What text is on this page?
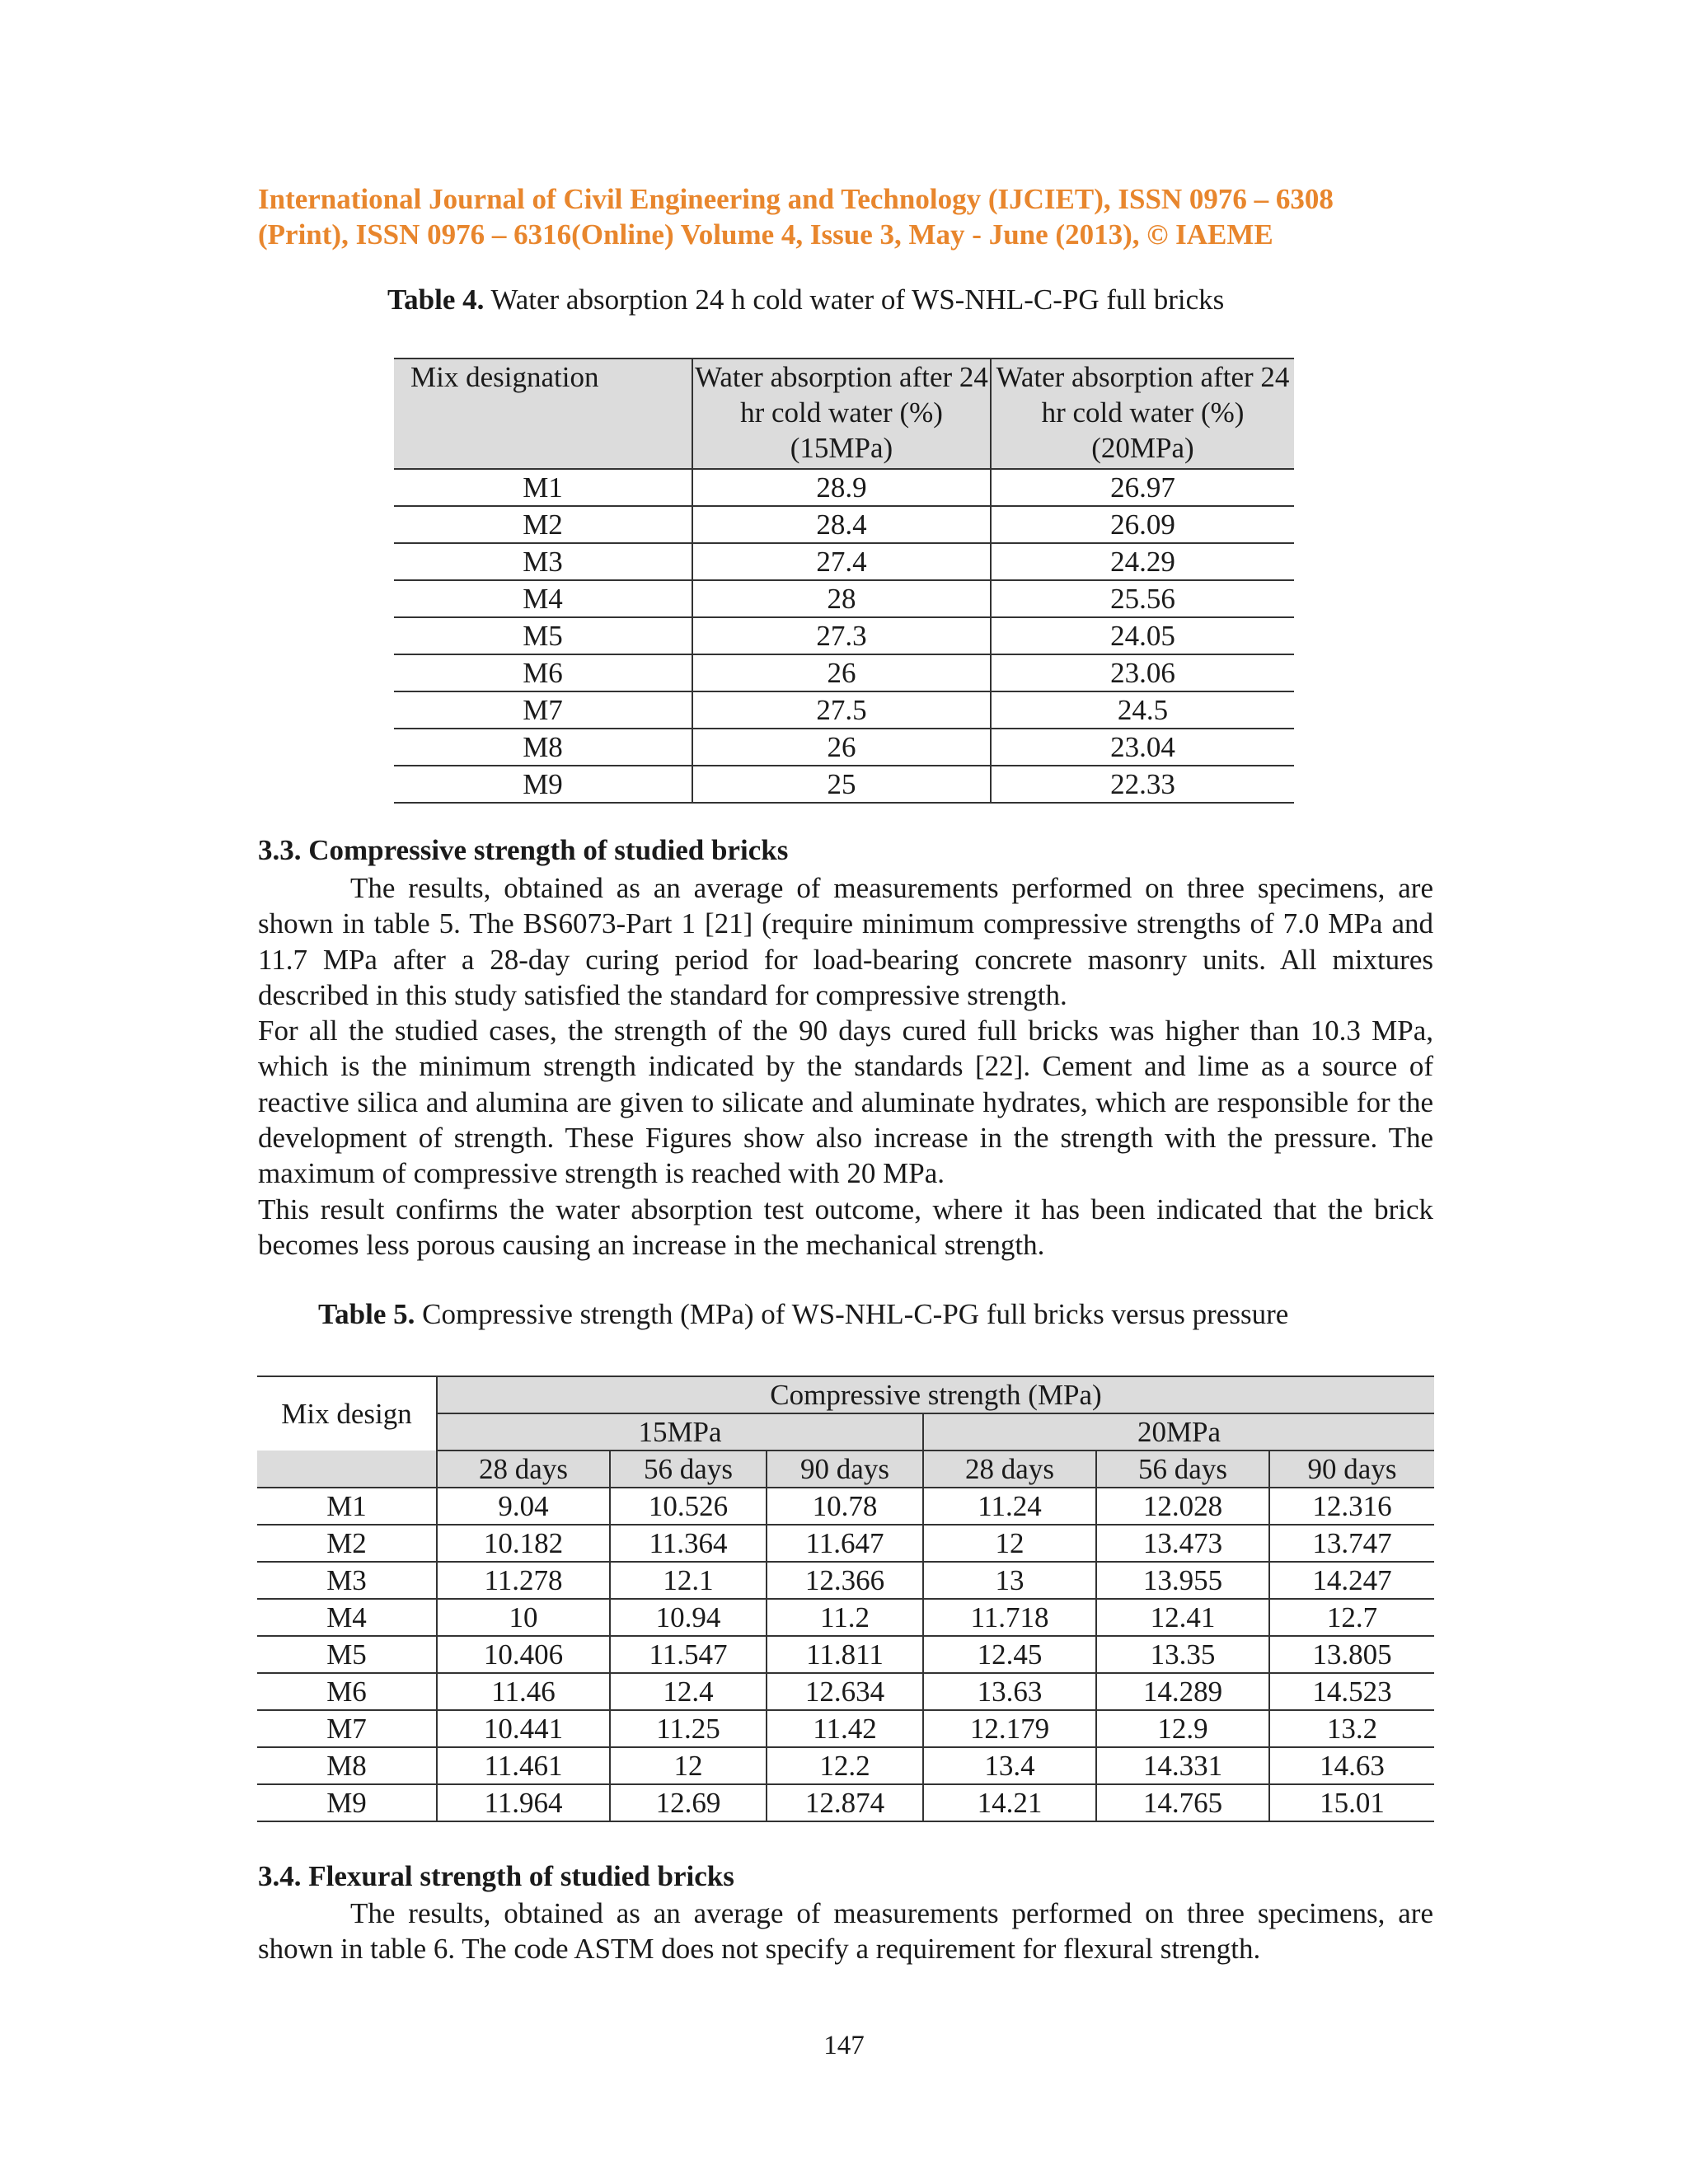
International Journal of Civil Engineering and Technology (IJCIET), ISSN 0976 – 6308
(Print), ISSN 0976 – 6316(Online) Volume 4, Issue 3, May - June (2013), © IAEME
Table 4. Water absorption 24 h cold water of WS-NHL-C-PG full bricks
Mix designation	Water absorption after 24 hr cold water (%) (15MPa)	Water absorption after 24 hr cold water (%) (20MPa)
M1	28.9	26.97
M2	28.4	26.09
M3	27.4	24.29
M4	28	25.56
M5	27.3	24.05
M6	26	23.06
M7	27.5	24.5
M8	26	23.04
M9	25	22.33
3.3. Compressive strength of studied bricks
The results, obtained as an average of measurements performed on three specimens, are shown in table 5. The BS6073-Part 1 [21] (require minimum compressive strengths of 7.0 MPa and 11.7 MPa after a 28-day curing period for load-bearing concrete masonry units. All mixtures described in this study satisfied the standard for compressive strength.
For all the studied cases, the strength of the 90 days cured full bricks was higher than 10.3 MPa, which is the minimum strength indicated by the standards [22]. Cement and lime as a source of reactive silica and alumina are given to silicate and aluminate hydrates, which are responsible for the development of strength. These Figures show also increase in the strength with the pressure. The maximum of compressive strength is reached with 20 MPa.
This result confirms the water absorption test outcome, where it has been indicated that the brick becomes less porous causing an increase in the mechanical strength.
Table 5. Compressive strength (MPa) of WS-NHL-C-PG full bricks versus pressure
Mix design	Compressive strength (MPa)					
	15MPa			20MPa		
	28 days	56 days	90 days	28 days	56 days	90 days
M1	9.04	10.526	10.78	11.24	12.028	12.316
M2	10.182	11.364	11.647	12	13.473	13.747
M3	11.278	12.1	12.366	13	13.955	14.247
M4	10	10.94	11.2	11.718	12.41	12.7
M5	10.406	11.547	11.811	12.45	13.35	13.805
M6	11.46	12.4	12.634	13.63	14.289	14.523
M7	10.441	11.25	11.42	12.179	12.9	13.2
M8	11.461	12	12.2	13.4	14.331	14.63
M9	11.964	12.69	12.874	14.21	14.765	15.01
3.4. Flexural strength of studied bricks
The results, obtained as an average of measurements performed on three specimens, are shown in table 6. The code ASTM does not specify a requirement for flexural strength.
147
